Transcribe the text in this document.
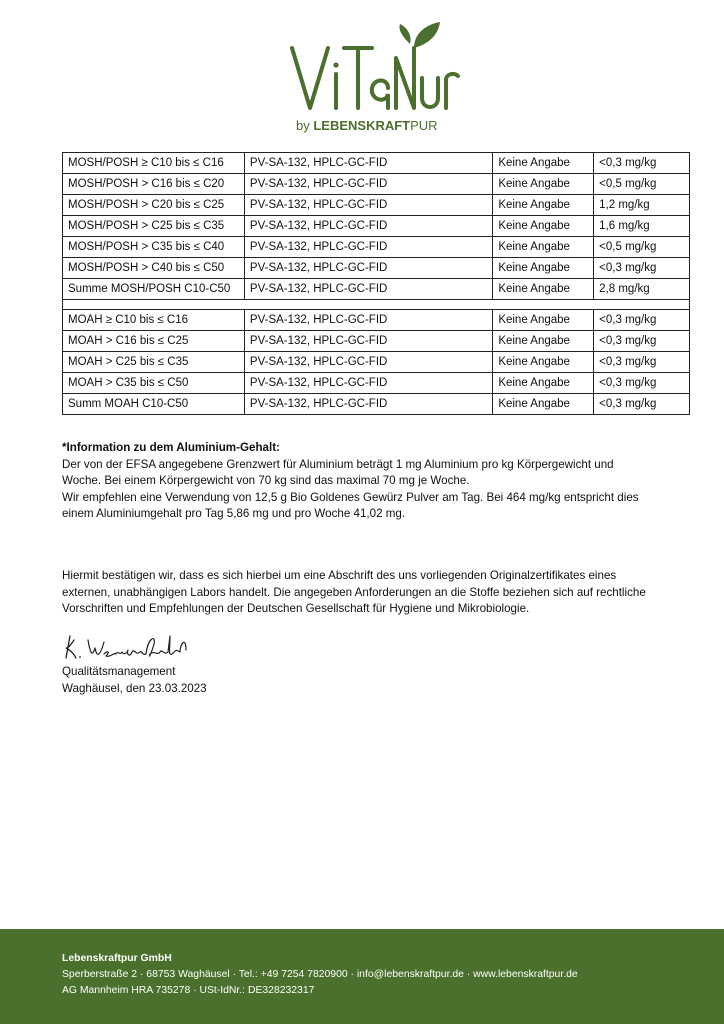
by LEBENSKRAFTPUR
MOSH/POSH ≥ C10 bis ≤ C16	PV-SA-132, HPLC-GC-FID	Keine Angabe	<0,3 mg/kg
MOSH/POSH > C16 bis ≤ C20	PV-SA-132, HPLC-GC-FID	Keine Angabe	<0,5 mg/kg
MOSH/POSH > C20 bis ≤ C25	PV-SA-132, HPLC-GC-FID	Keine Angabe	1,2 mg/kg
MOSH/POSH > C25 bis ≤ C35	PV-SA-132, HPLC-GC-FID	Keine Angabe	1,6 mg/kg
MOSH/POSH > C35 bis ≤ C40	PV-SA-132, HPLC-GC-FID	Keine Angabe	<0,5 mg/kg
MOSH/POSH > C40 bis ≤ C50	PV-SA-132, HPLC-GC-FID	Keine Angabe	<0,3 mg/kg
Summe MOSH/POSH C10-C50	PV-SA-132, HPLC-GC-FID	Keine Angabe	2,8 mg/kg

MOAH ≥ C10 bis ≤ C16	PV-SA-132, HPLC-GC-FID	Keine Angabe	<0,3 mg/kg
MOAH > C16 bis ≤ C25	PV-SA-132, HPLC-GC-FID	Keine Angabe	<0,3 mg/kg
MOAH > C25 bis ≤ C35	PV-SA-132, HPLC-GC-FID	Keine Angabe	<0,3 mg/kg
MOAH > C35 bis ≤ C50	PV-SA-132, HPLC-GC-FID	Keine Angabe	<0,3 mg/kg
Summ MOAH C10-C50	PV-SA-132, HPLC-GC-FID	Keine Angabe	<0,3 mg/kg
*Information zu dem Aluminium-Gehalt:
Der von der EFSA angegebene Grenzwert für Aluminium beträgt 1 mg Aluminium pro kg Körpergewicht und
Woche. Bei einem Körpergewicht von 70 kg sind das maximal 70 mg je Woche.
Wir empfehlen eine Verwendung von 12,5 g Bio Goldenes Gewürz Pulver am Tag. Bei 464 mg/kg entspricht dies
einem Aluminiumgehalt pro Tag 5,86 mg und pro Woche 41,02 mg.
Hiermit bestätigen wir, dass es sich hierbei um eine Abschrift des uns vorliegenden Originalzertifikates eines
externen, unabhängigen Labors handelt. Die angegeben Anforderungen an die Stoffe beziehen sich auf rechtliche
Vorschriften und Empfehlungen der Deutschen Gesellschaft für Hygiene und Mikrobiologie.
Qualitätsmanagement
Waghäusel, den 23.03.2023
Lebenskraftpur GmbH
Sperberstraße 2 · 68753 Waghäusel · Tel.: +49 7254 7820900 · info@lebenskraftpur.de · www.lebenskraftpur.de
AG Mannheim HRA 735278 · USt-IdNr.: DE328232317
